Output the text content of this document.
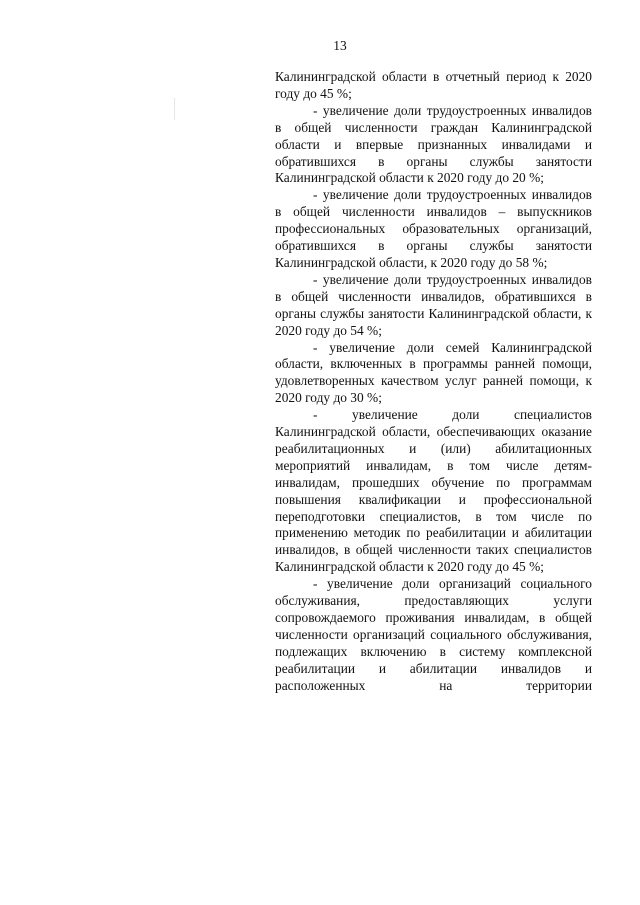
13

Калининградской области в отчетный период к 2020 году до 45 %;

- увеличение доли трудоустроенных инвалидов в общей численности граждан Калининградской области и впервые признанных инвалидами и обратившихся в органы службы занятости Калининградской области к 2020 году до 20 %;

- увеличение доли трудоустроенных инвалидов в общей численности инвалидов – выпускников профессиональных образовательных организаций, обратившихся в органы службы занятости Калининградской области, к 2020 году до 58 %;

- увеличение доли трудоустроенных инвалидов в общей численности инвалидов, обратившихся в органы службы занятости Калининградской области, к 2020 году до 54 %;

- увеличение доли семей Калининградской области, включенных в программы ранней помощи, удовлетворенных качеством услуг ранней помощи, к 2020 году до 30 %;

- увеличение доли специалистов Калининградской области, обеспечивающих оказание реабилитационных и (или) абилитационных мероприятий инвалидам, в том числе детям-инвалидам, прошедших обучение по программам повышения квалификации и профессиональной переподготовки специалистов, в том числе по применению методик по реабилитации и абилитации инвалидов, в общей численности таких специалистов Калининградской области к 2020 году до 45 %;

- увеличение доли организаций социального обслуживания, предоставляющих услуги сопровождаемого проживания инвалидам, в общей численности организаций социального обслуживания, подлежащих включению в систему комплексной реабилитации и абилитации инвалидов и расположенных на территории
